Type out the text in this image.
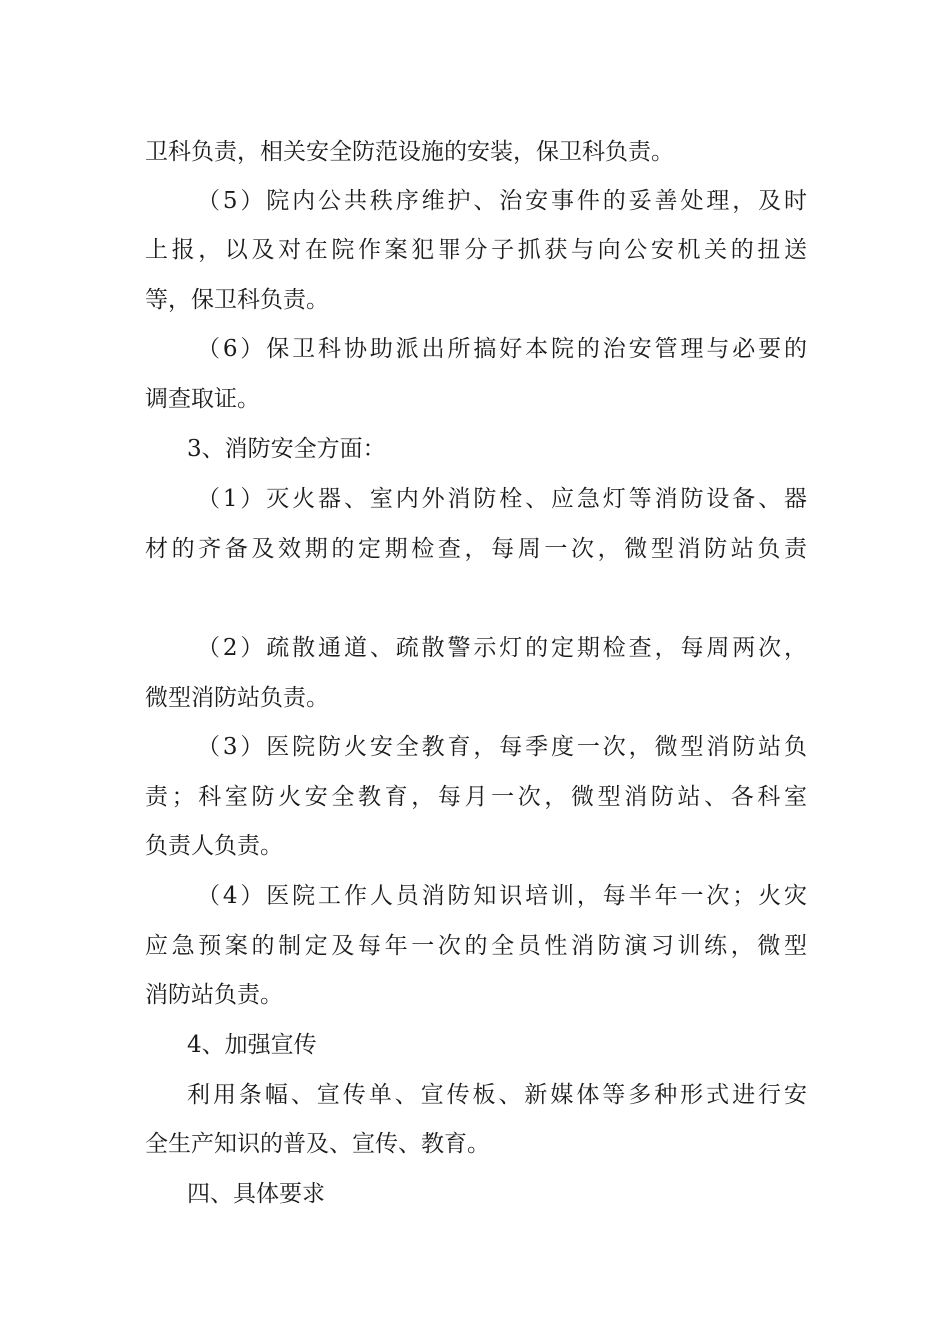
卫科负责，相关安全防范设施的安装，保卫科负责。
（5）院内公共秩序维护、治安事件的妥善处理，及时
上报，以及对在院作案犯罪分子抓获与向公安机关的扭送
等，保卫科负责。
（6）保卫科协助派出所搞好本院的治安管理与必要的
调查取证。
3、消防安全方面：
（1）灭火器、室内外消防栓、应急灯等消防设备、器
材的齐备及效期的定期检查，每周一次，微型消防站负责
（2）疏散通道、疏散警示灯的定期检查，每周两次，
微型消防站负责。
（3）医院防火安全教育，每季度一次，微型消防站负
责；科室防火安全教育，每月一次，微型消防站、各科室
负责人负责。
（4）医院工作人员消防知识培训，每半年一次；火灾
应急预案的制定及每年一次的全员性消防演习训练，微型
消防站负责。
4、加强宣传
利用条幅、宣传单、宣传板、新媒体等多种形式进行安
全生产知识的普及、宣传、教育。
四、具体要求
